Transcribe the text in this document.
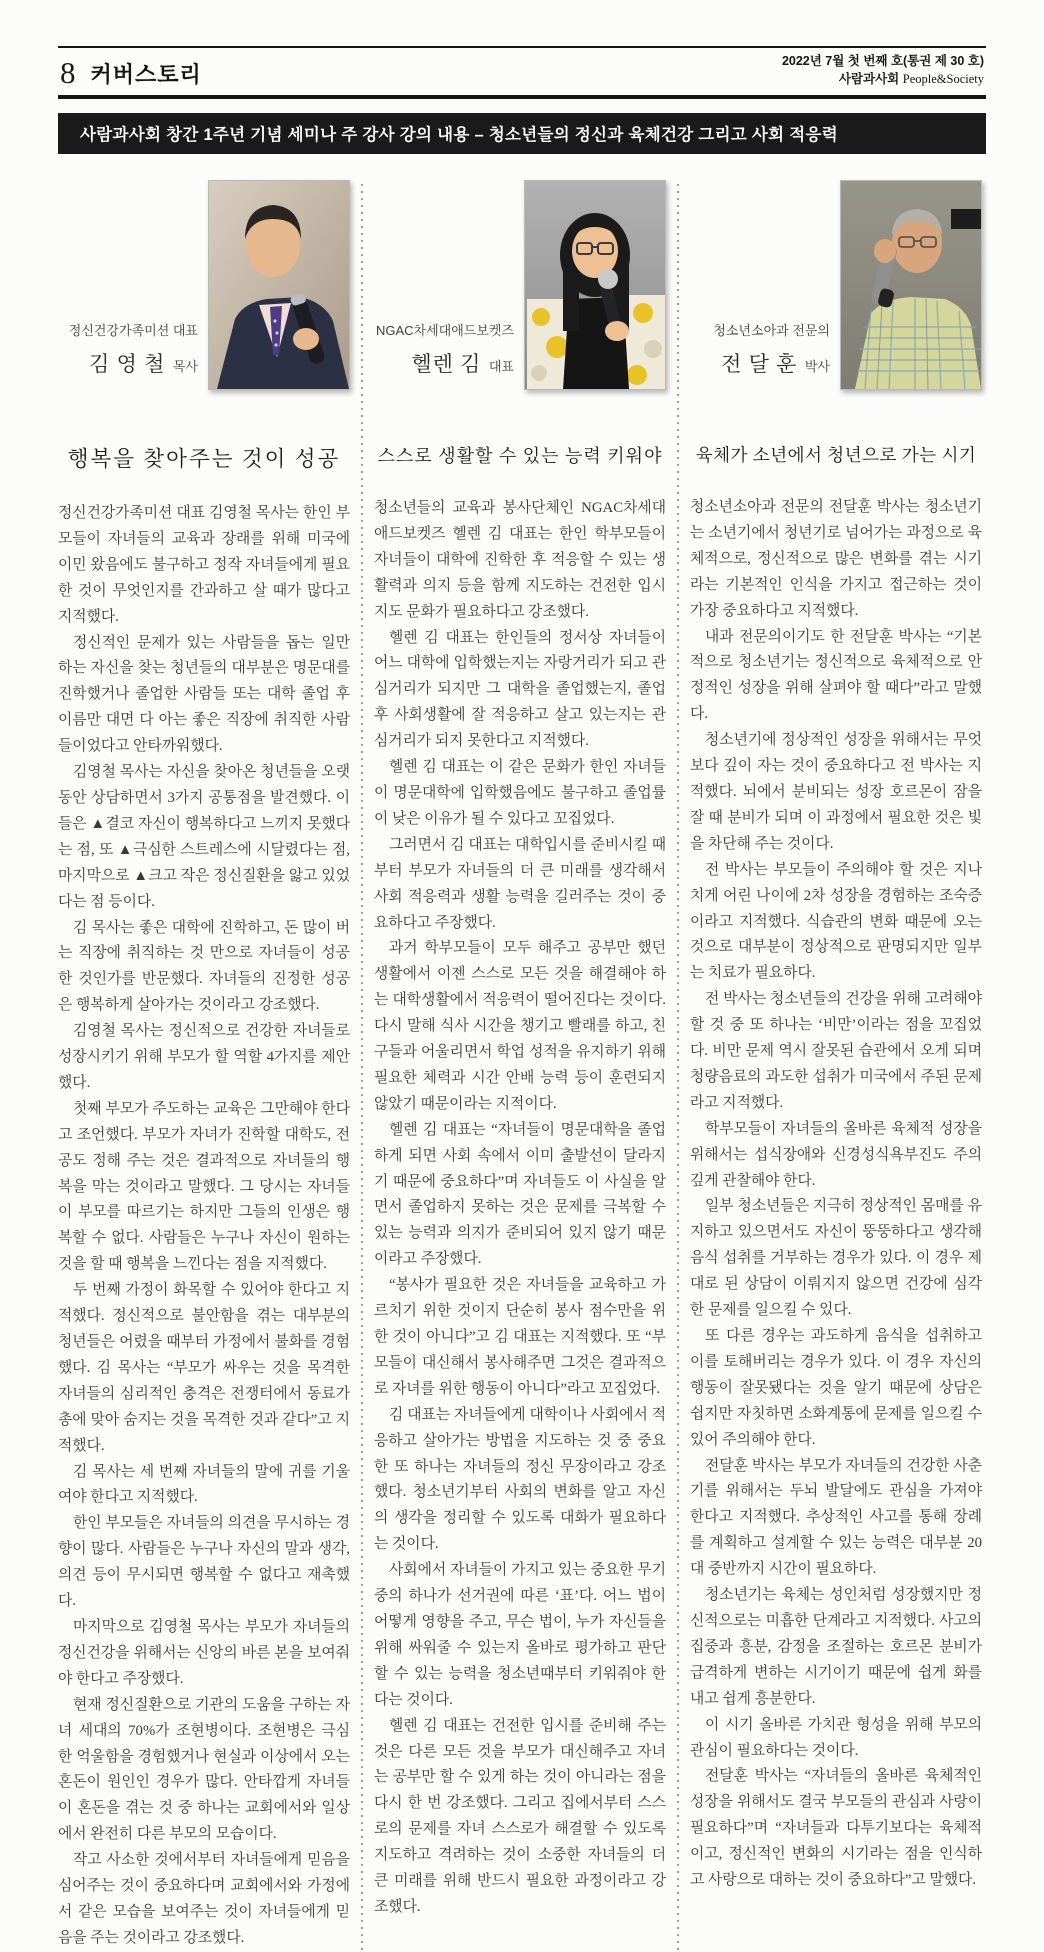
8 커버스토리
2022년 7월 첫 번째 호(통권 제 30 호)
사람과사회 People&Society
사람과사회 창간 1주년 기념 세미나 주 강사 강의 내용 – 청소년들의 정신과 육체건강 그리고 사회 적응력
정신건강가족미션 대표
김 영 철 목사
행복을 찾아주는 것이 성공

정신건강가족미션 대표 김영철 목사는 한인 부모들이 자녀들의 교육과 장래를 위해 미국에 이민 왔음에도 불구하고 정작 자녀들에게 필요한 것이 무엇인지를 간과하고 살 때가 많다고 지적했다.

정신적인 문제가 있는 사람들을 돕는 일만 하는 자신을 찾는 청년들의 대부분은 명문대를 진학했거나 졸업한 사람들 또는 대학 졸업 후 이름만 대면 다 아는 좋은 직장에 취직한 사람들이었다고 안타까워했다.

김영철 목사는 자신을 찾아온 청년들을 오랫동안 상담하면서 3가지 공통점을 발견했다. 이들은 ▲결코 자신이 행복하다고 느끼지 못했다는 점, 또 ▲극심한 스트레스에 시달렸다는 점, 마지막으로 ▲크고 작은 정신질환을 앓고 있었다는 점 등이다.

김 목사는 좋은 대학에 진학하고, 돈 많이 버는 직장에 취직하는 것 만으로 자녀들이 성공한 것인가를 반문했다. 자녀들의 진정한 성공은 행복하게 살아가는 것이라고 강조했다.

김영철 목사는 정신적으로 건강한 자녀들로 성장시키기 위해 부모가 할 역할 4가지를 제안했다.

첫째 부모가 주도하는 교육은 그만해야 한다고 조언했다. 부모가 자녀가 진학할 대학도, 전공도 정해 주는 것은 결과적으로 자녀들의 행복을 막는 것이라고 말했다. 그 당시는 자녀들이 부모를 따르기는 하지만 그들의 인생은 행복할 수 없다. 사람들은 누구나 자신이 원하는 것을 할 때 행복을 느낀다는 점을 지적했다.

두 번째 가정이 화목할 수 있어야 한다고 지적했다. 정신적으로 불안함을 겪는 대부분의 청년들은 어렸을 때부터 가정에서 불화를 경험했다. 김 목사는 “부모가 싸우는 것을 목격한 자녀들의 심리적인 충격은 전쟁터에서 동료가 총에 맞아 숨지는 것을 목격한 것과 같다”고 지적했다.

김 목사는 세 번째 자녀들의 말에 귀를 기울여야 한다고 지적했다.

한인 부모들은 자녀들의 의견을 무시하는 경향이 많다. 사람들은 누구나 자신의 말과 생각, 의견 등이 무시되면 행복할 수 없다고 재촉했다.

마지막으로 김영철 목사는 부모가 자녀들의 정신건강을 위해서는 신앙의 바른 본을 보여줘야 한다고 주장했다.

현재 정신질환으로 기관의 도움을 구하는 자녀 세대의 70%가 조현병이다. 조현병은 극심한 억울함을 경험했거나 현실과 이상에서 오는 혼돈이 원인인 경우가 많다. 안타깝게 자녀들이 혼돈을 겪는 것 중 하나는 교회에서와 일상에서 완전히 다른 부모의 모습이다.

작고 사소한 것에서부터 자녀들에게 믿음을 심어주는 것이 중요하다며 교회에서와 가정에서 같은 모습을 보여주는 것이 자녀들에게 믿음을 주는 것이라고 강조했다.

NGAC차세대애드보켓즈
헬렌 김 대표
스스로 생활할 수 있는 능력 키워야

청소년들의 교육과 봉사단체인 NGAC차세대애드보켓즈 헬렌 김 대표는 한인 학부모들이 자녀들이 대학에 진학한 후 적응할 수 있는 생활력과 의지 등을 함께 지도하는 건전한 입시지도 문화가 필요하다고 강조했다.

헬렌 김 대표는 한인들의 정서상 자녀들이 어느 대학에 입학했는지는 자랑거리가 되고 관심거리가 되지만 그 대학을 졸업했는지, 졸업 후 사회생활에 잘 적응하고 살고 있는지는 관심거리가 되지 못한다고 지적했다.

헬렌 김 대표는 이 같은 문화가 한인 자녀들이 명문대학에 입학했음에도 불구하고 졸업률이 낮은 이유가 될 수 있다고 꼬집었다.

그러면서 김 대표는 대학입시를 준비시킬 때부터 부모가 자녀들의 더 큰 미래를 생각해서 사회 적응력과 생활 능력을 길러주는 것이 중요하다고 주장했다.

과거 학부모들이 모두 해주고 공부만 했던 생활에서 이젠 스스로 모든 것을 해결해야 하는 대학생활에서 적응력이 떨어진다는 것이다. 다시 말해 식사 시간을 챙기고 빨래를 하고, 친구들과 어울리면서 학업 성적을 유지하기 위해 필요한 체력과 시간 안배 능력 등이 훈련되지 않았기 때문이라는 지적이다.

헬렌 김 대표는 “자녀들이 명문대학을 졸업하게 되면 사회 속에서 이미 출발선이 달라지기 때문에 중요하다”며 자녀들도 이 사실을 알면서 졸업하지 못하는 것은 문제를 극복할 수 있는 능력과 의지가 준비되어 있지 않기 때문이라고 주장했다.

“봉사가 필요한 것은 자녀들을 교육하고 가르치기 위한 것이지 단순히 봉사 점수만을 위한 것이 아니다”고 김 대표는 지적했다. 또 “부모들이 대신해서 봉사해주면 그것은 결과적으로 자녀를 위한 행동이 아니다”라고 꼬집었다.

김 대표는 자녀들에게 대학이나 사회에서 적응하고 살아가는 방법을 지도하는 것 중 중요한 또 하나는 자녀들의 정신 무장이라고 강조했다. 청소년기부터 사회의 변화를 알고 자신의 생각을 정리할 수 있도록 대화가 필요하다는 것이다.

사회에서 자녀들이 가지고 있는 중요한 무기 중의 하나가 선거권에 따른 ‘표’다. 어느 법이 어떻게 영향을 주고, 무슨 법이, 누가 자신들을 위해 싸워줄 수 있는지 올바로 평가하고 판단할 수 있는 능력을 청소년때부터 키워줘야 한다는 것이다.

헬렌 김 대표는 건전한 입시를 준비해 주는 것은 다른 모든 것을 부모가 대신해주고 자녀는 공부만 할 수 있게 하는 것이 아니라는 점을 다시 한 번 강조했다. 그리고 집에서부터 스스로의 문제를 자녀 스스로가 해결할 수 있도록 지도하고 격려하는 것이 소중한 자녀들의 더 큰 미래를 위해 반드시 필요한 과정이라고 강조했다.

청소년소아과 전문의
전 달 훈 박사
육체가 소년에서 청년으로 가는 시기

청소년소아과 전문의 전달훈 박사는 청소년기는 소년기에서 청년기로 넘어가는 과정으로 육체적으로, 정신적으로 많은 변화를 겪는 시기라는 기본적인 인식을 가지고 접근하는 것이 가장 중요하다고 지적했다.

내과 전문의이기도 한 전달훈 박사는 “기본적으로 청소년기는 정신적으로 육체적으로 안정적인 성장을 위해 살펴야 할 때다”라고 말했다.

청소년기에 정상적인 성장을 위해서는 무엇보다 깊이 자는 것이 중요하다고 전 박사는 지적했다. 뇌에서 분비되는 성장 호르몬이 잠을 잘 때 분비가 되며 이 과정에서 필요한 것은 빛을 차단해 주는 것이다.

전 박사는 부모들이 주의해야 할 것은 지나치게 어린 나이에 2차 성장을 경험하는 조숙증이라고 지적했다. 식습관의 변화 때문에 오는 것으로 대부분이 정상적으로 판명되지만 일부는 치료가 필요하다.

전 박사는 청소년들의 건강을 위해 고려해야 할 것 중 또 하나는 ‘비만’이라는 점을 꼬집었다. 비만 문제 역시 잘못된 습관에서 오게 되며 청량음료의 과도한 섭취가 미국에서 주된 문제라고 지적했다.

학부모들이 자녀들의 올바른 육체적 성장을 위해서는 섭식장애와 신경성식욕부진도 주의 깊게 관찰해야 한다.

일부 청소년들은 지극히 정상적인 몸매를 유지하고 있으면서도 자신이 뚱뚱하다고 생각해 음식 섭취를 거부하는 경우가 있다. 이 경우 제대로 된 상담이 이뤄지지 않으면 건강에 심각한 문제를 일으킬 수 있다.

또 다른 경우는 과도하게 음식을 섭취하고 이를 토해버리는 경우가 있다. 이 경우 자신의 행동이 잘못됐다는 것을 알기 때문에 상담은 쉽지만 자칫하면 소화계통에 문제를 일으킬 수 있어 주의해야 한다.

전달훈 박사는 부모가 자녀들의 건강한 사춘기를 위해서는 두뇌 발달에도 관심을 가져야 한다고 지적했다. 추상적인 사고를 통해 장례를 계획하고 설계할 수 있는 능력은 대부분 20대 중반까지 시간이 필요하다.

청소년기는 육체는 성인처럼 성장했지만 정신적으로는 미흡한 단계라고 지적했다. 사고의 집중과 흥분, 감정을 조절하는 호르몬 분비가 급격하게 변하는 시기이기 때문에 쉽게 화를 내고 쉽게 흥분한다.

이 시기 올바른 가치관 형성을 위해 부모의 관심이 필요하다는 것이다.

전달훈 박사는 “자녀들의 올바른 육체적인 성장을 위해서도 결국 부모들의 관심과 사랑이 필요하다”며 “자녀들과 다투기보다는 육체적이고, 정신적인 변화의 시기라는 점을 인식하고 사랑으로 대하는 것이 중요하다”고 말했다.
